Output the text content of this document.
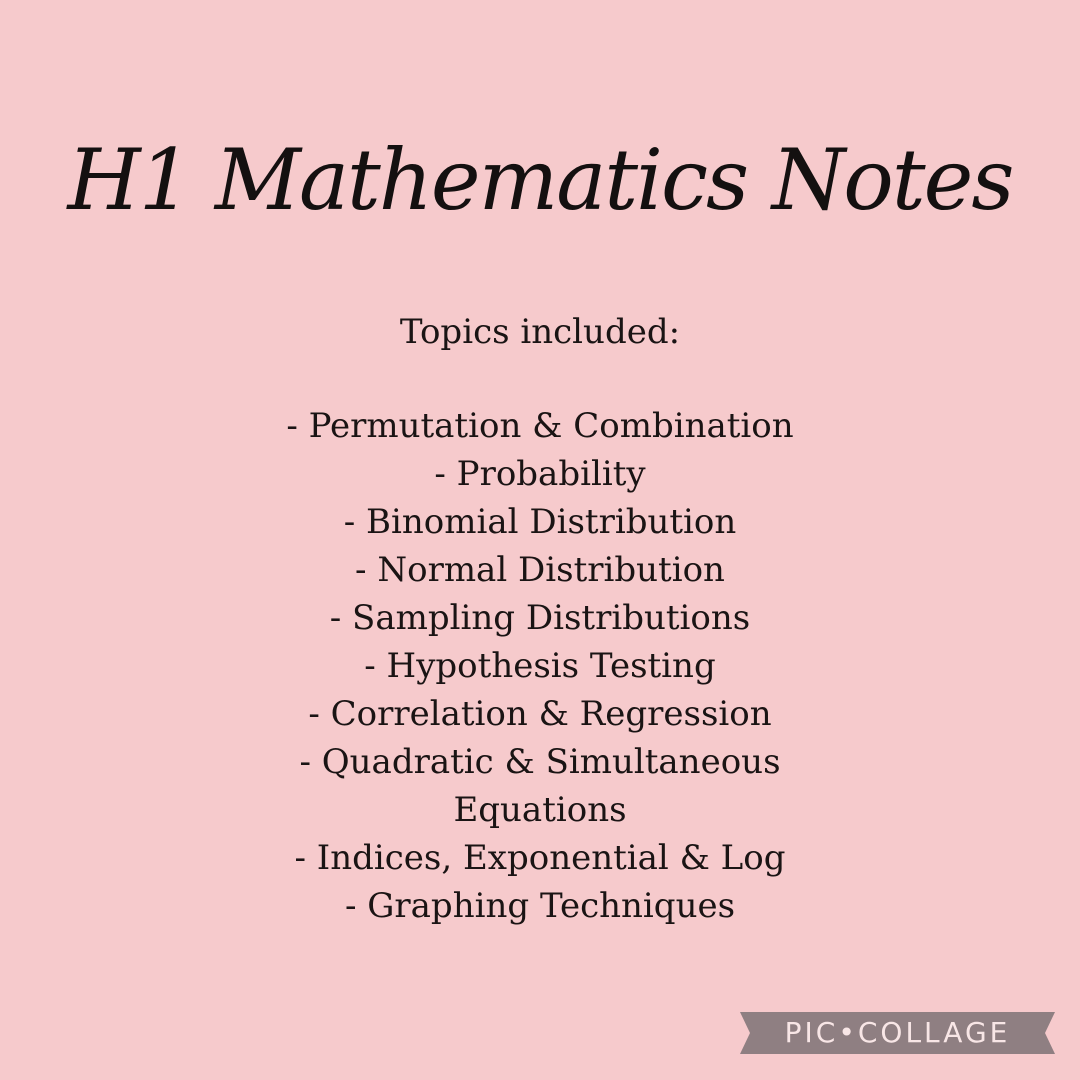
H1 Mathematics Notes
Topics included:
- Permutation & Combination
- Probability
- Binomial Distribution
- Normal Distribution
- Sampling Distributions
- Hypothesis Testing
- Correlation & Regression
- Quadratic & Simultaneous
Equations
- Indices, Exponential & Log
- Graphing Techniques
PIC•COLLAGE
